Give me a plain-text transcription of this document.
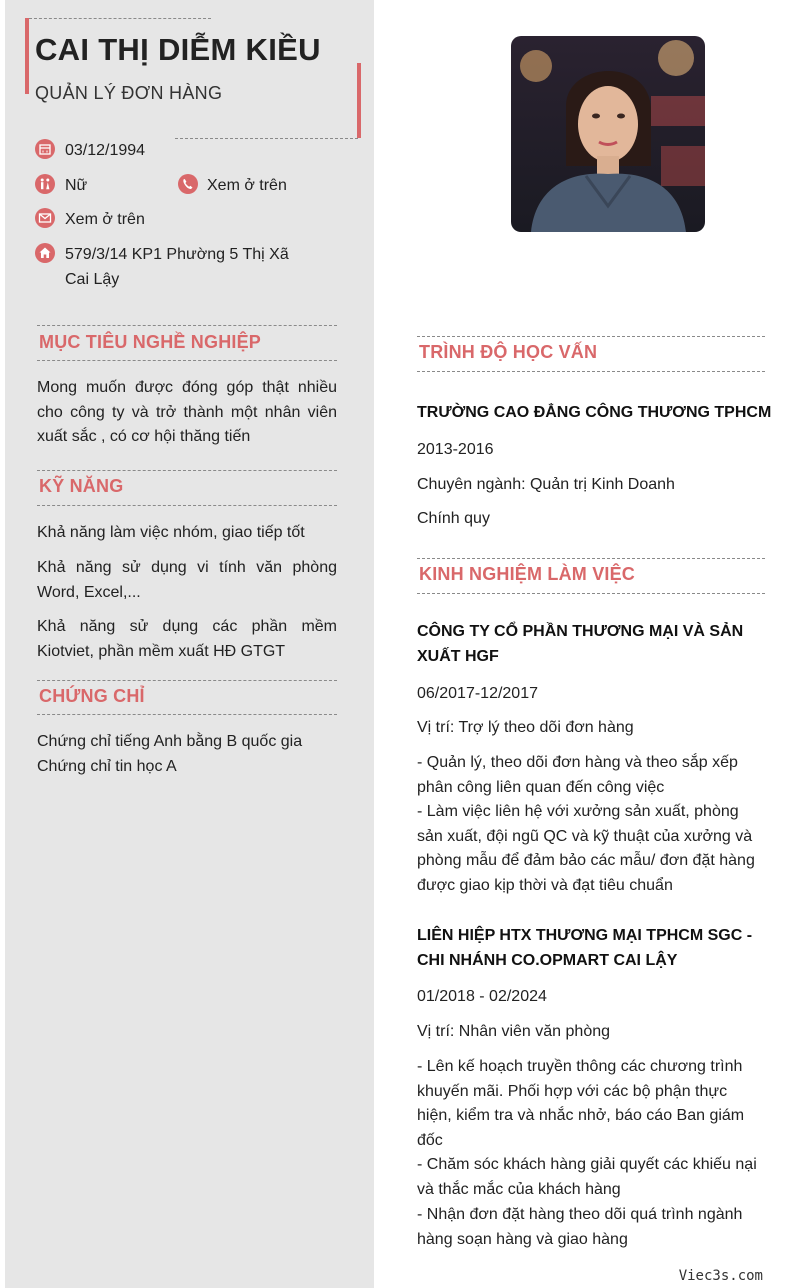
CAI THỊ DIỄM KIỀU
QUẢN LÝ ĐƠN HÀNG
03/12/1994
Nữ	Xem ở trên
Xem ở trên
579/3/14 KP1 Phường 5 Thị Xã Cai Lậy
MỤC TIÊU NGHỀ NGHIỆP
Mong muốn được đóng góp thật nhiều cho công ty và trở thành một nhân viên xuất sắc , có cơ hội thăng tiến
KỸ NĂNG
Khả năng làm việc nhóm, giao tiếp tốt
Khả năng sử dụng vi tính văn phòng Word, Excel,...
Khả năng sử dụng các phần mềm Kiotviet, phần mềm xuất HĐ GTGT
CHỨNG CHỈ
Chứng chỉ tiếng Anh bằng B quốc gia
Chứng chỉ tin học A
TRÌNH ĐỘ HỌC VẤN
TRƯỜNG CAO ĐẲNG CÔNG THƯƠNG TPHCM
2013-2016
Chuyên ngành: Quản trị Kinh Doanh
Chính quy
KINH NGHIỆM LÀM VIỆC
CÔNG TY CỔ PHẦN THƯƠNG MẠI VÀ SẢN XUẤT HGF
06/2017-12/2017
Vị trí: Trợ lý theo dõi đơn hàng
- Quản lý, theo dõi đơn hàng và theo sắp xếp phân công liên quan đến công việc
- Làm việc liên hệ với xưởng sản xuất, phòng sản xuất, đội ngũ QC và kỹ thuật của xưởng và phòng mẫu để đảm bảo các mẫu/ đơn đặt hàng được giao kịp thời và đạt tiêu chuẩn
LIÊN HIỆP HTX THƯƠNG MẠI TPHCM SGC - CHI NHÁNH CO.OPMART CAI LẬY
01/2018 - 02/2024
Vị trí: Nhân viên văn phòng
- Lên kế hoạch truyền thông các chương trình khuyến mãi. Phối hợp với các bộ phận thực hiện, kiểm tra và nhắc nhở, báo cáo Ban giám đốc
- Chăm sóc khách hàng giải quyết các khiếu nại và thắc mắc của khách hàng
- Nhận đơn đặt hàng theo dõi quá trình ngành hàng soạn hàng và giao hàng
Viec3s.com
